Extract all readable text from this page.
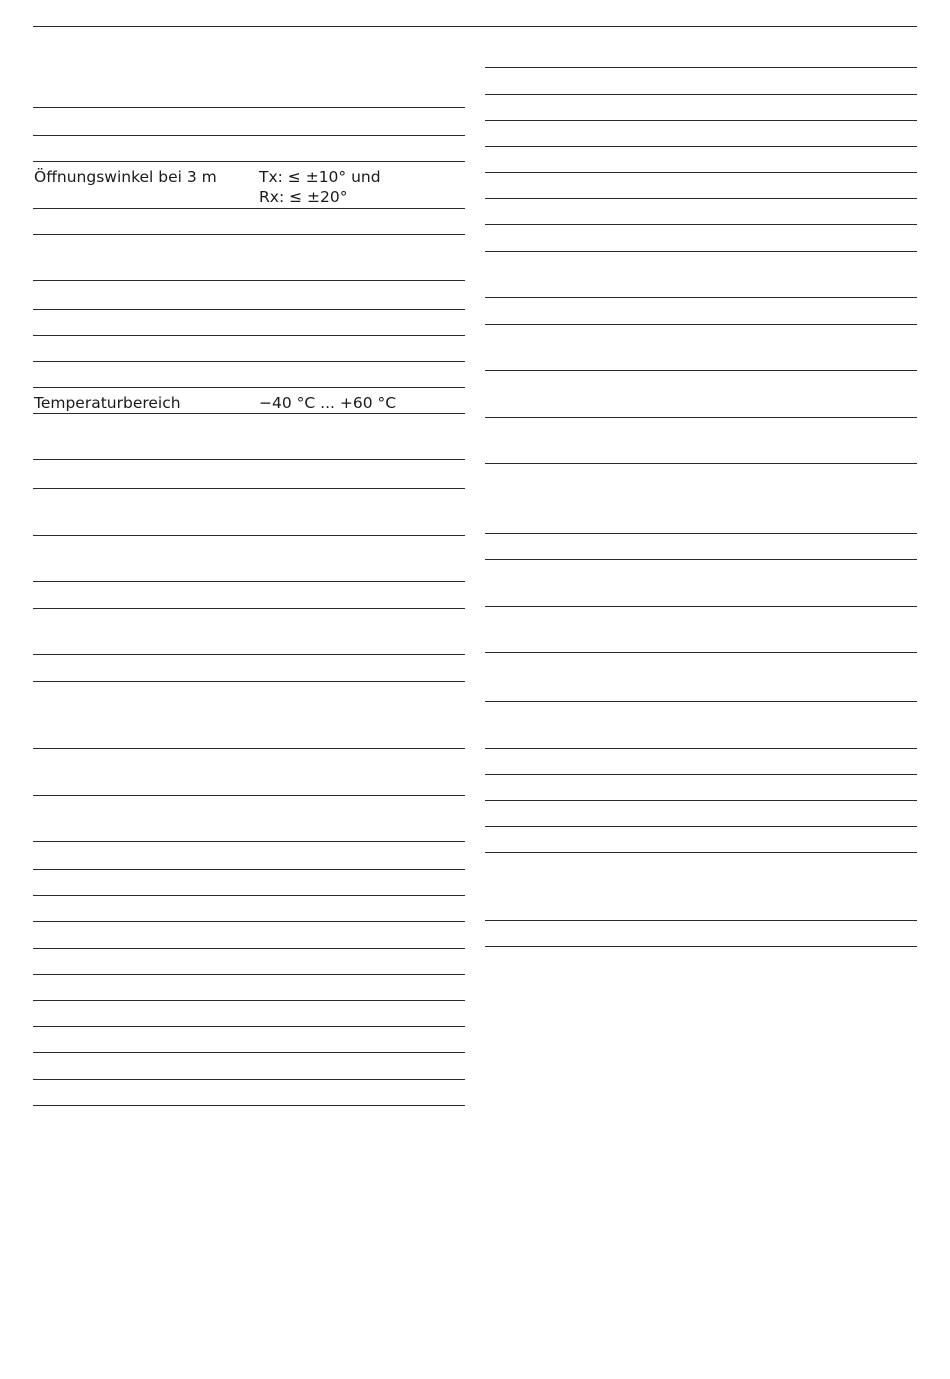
Öffnungswinkel bei 3 m	Tx: ≤ ±10° und
Rx: ≤ ±20°
Temperaturbereich	−40 °C ... +60 °C
